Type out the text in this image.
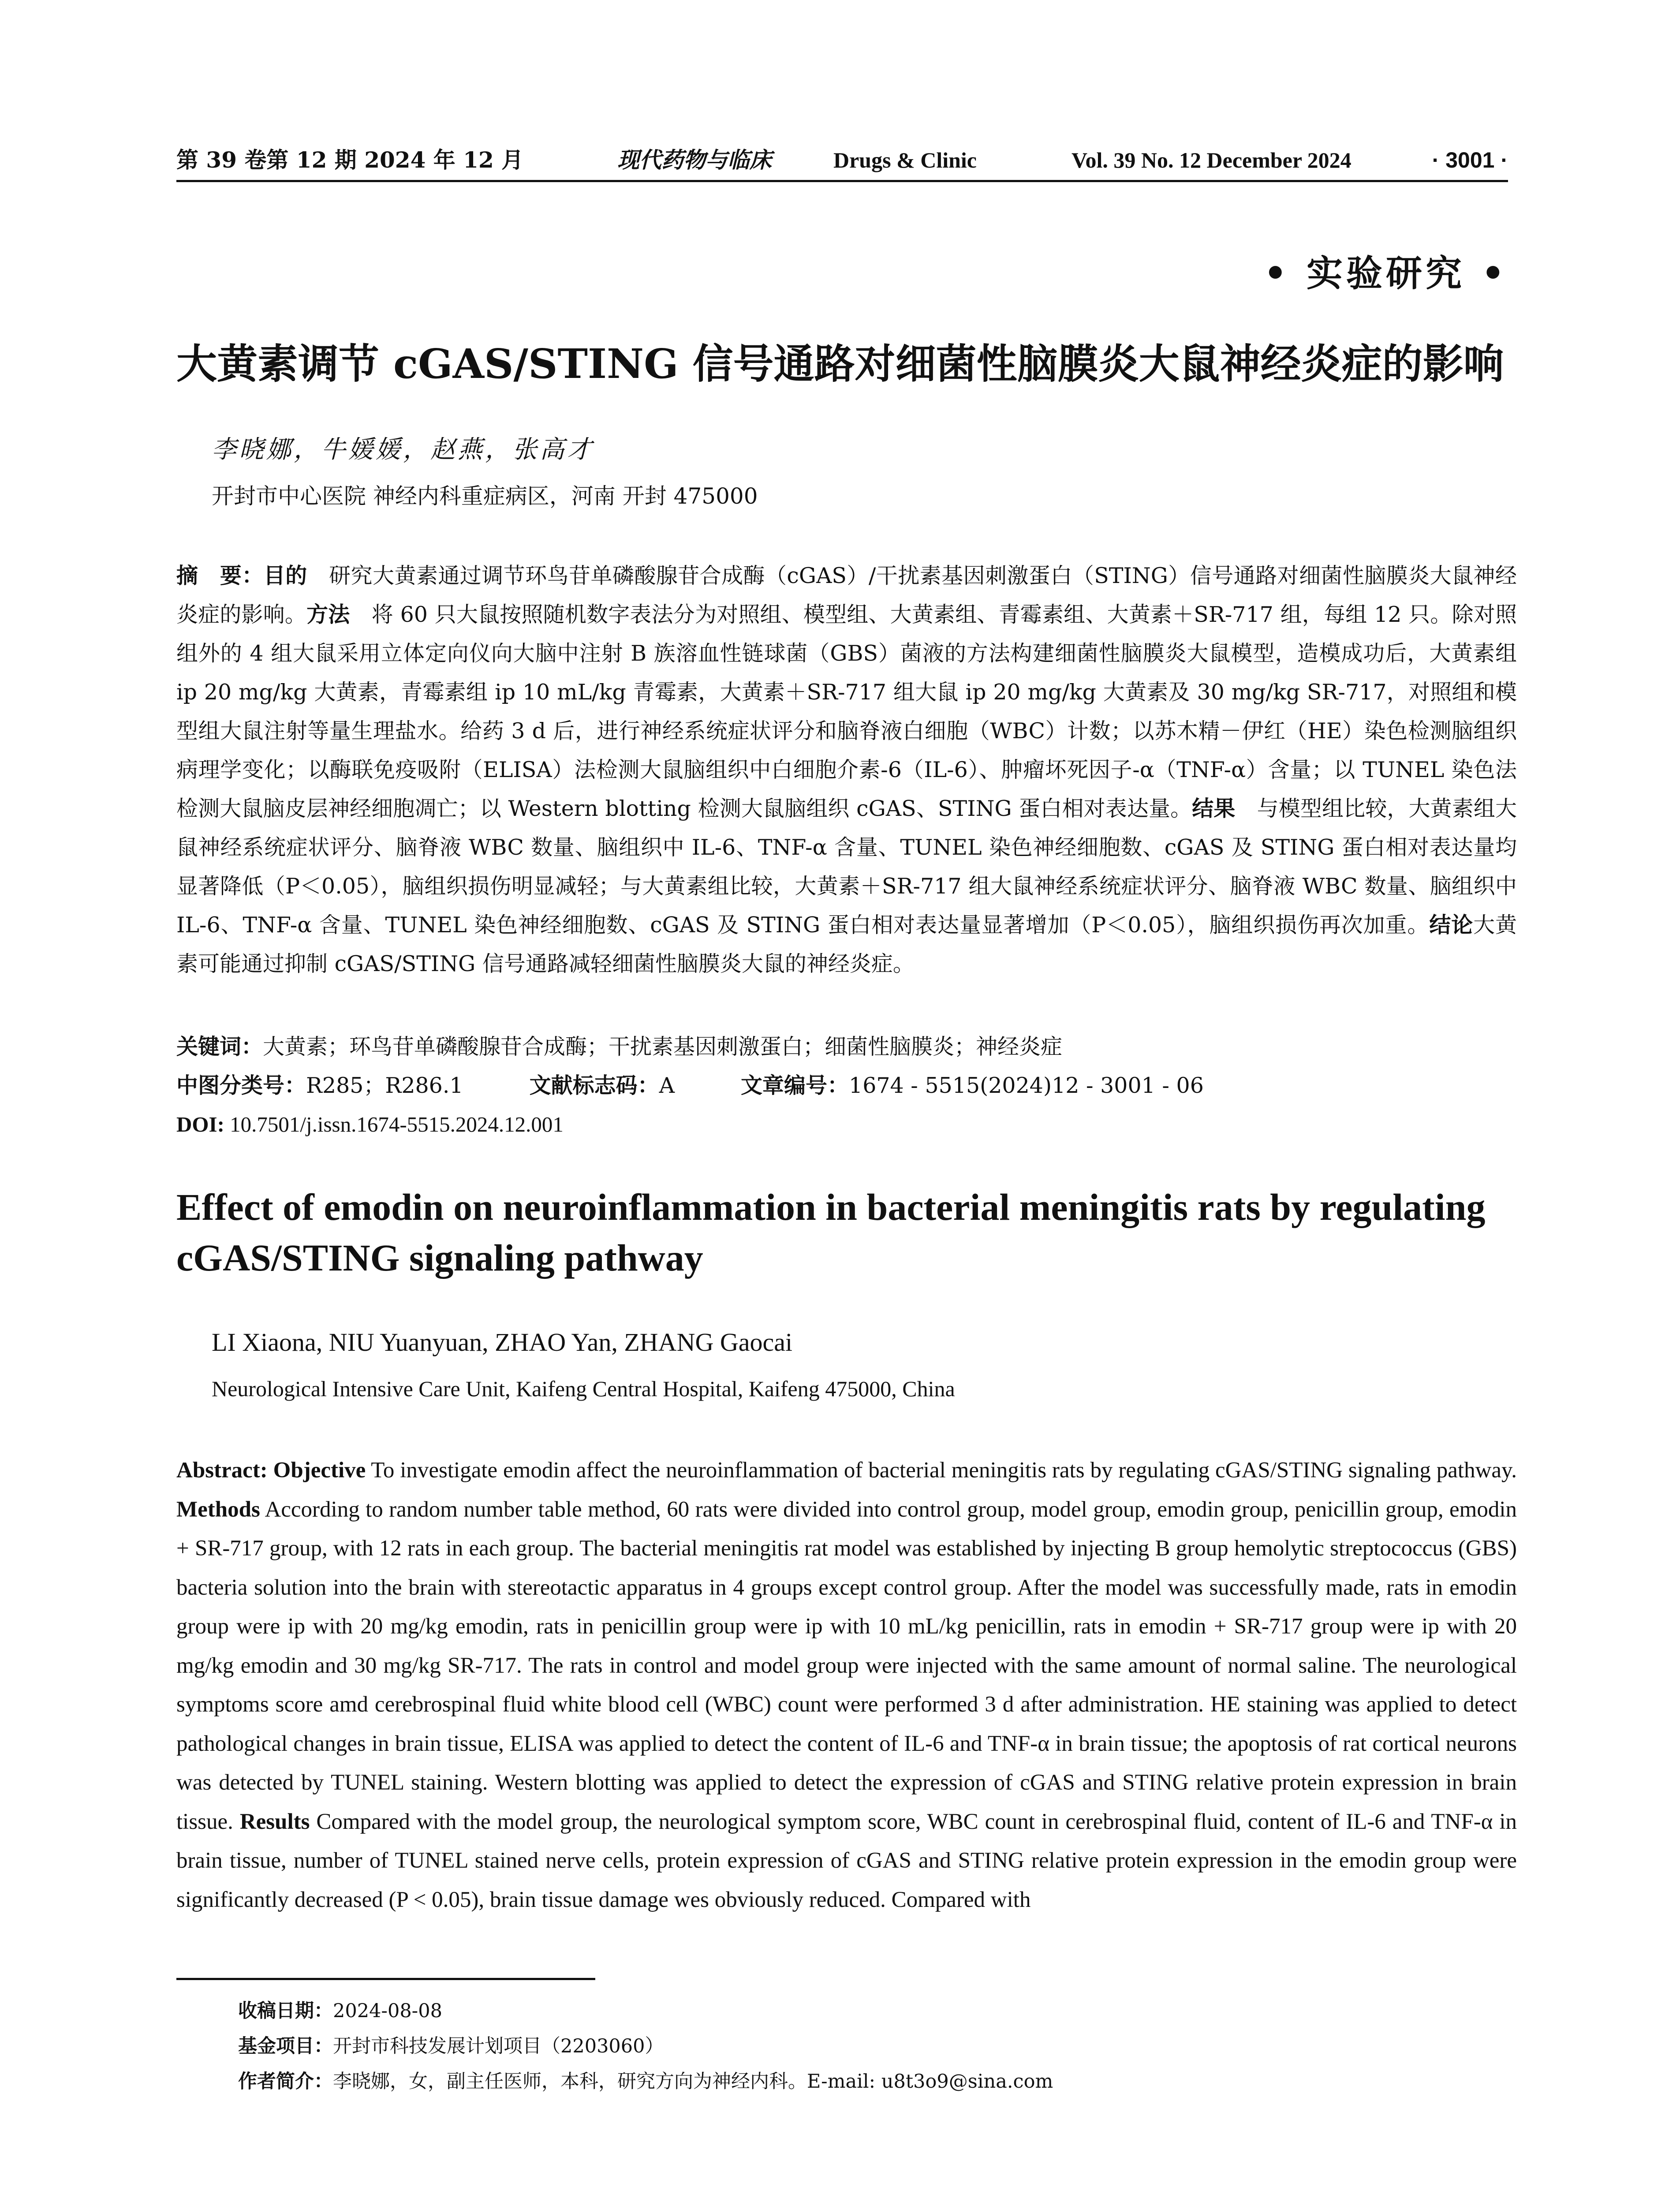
第 39 卷第 12 期 2024 年 12 月	现代药物与临床	Drugs & Clinic	Vol. 39 No. 12 December 2024	· 3001 ·
• 实验研究 •
大黄素调节 cGAS/STING 信号通路对细菌性脑膜炎大鼠神经炎症的影响
李晓娜，牛媛媛，赵燕，张高才
开封市中心医院 神经内科重症病区，河南 开封 475000
摘　要：目的　研究大黄素通过调节环鸟苷单磷酸腺苷合成酶（cGAS）/干扰素基因刺激蛋白（STING）信号通路对细菌性脑膜炎大鼠神经炎症的影响。方法　将 60 只大鼠按照随机数字表法分为对照组、模型组、大黄素组、青霉素组、大黄素＋SR-717 组，每组 12 只。除对照组外的 4 组大鼠采用立体定向仪向大脑中注射 B 族溶血性链球菌（GBS）菌液的方法构建细菌性脑膜炎大鼠模型，造模成功后，大黄素组 ip 20 mg/kg 大黄素，青霉素组 ip 10 mL/kg 青霉素，大黄素＋SR-717 组大鼠 ip 20 mg/kg 大黄素及 30 mg/kg SR-717，对照组和模型组大鼠注射等量生理盐水。给药 3 d 后，进行神经系统症状评分和脑脊液白细胞（WBC）计数；以苏木精－伊红（HE）染色检测脑组织病理学变化；以酶联免疫吸附（ELISA）法检测大鼠脑组织中白细胞介素-6（IL-6）、肿瘤坏死因子-α（TNF-α）含量；以 TUNEL 染色法检测大鼠脑皮层神经细胞凋亡；以 Western blotting 检测大鼠脑组织 cGAS、STING 蛋白相对表达量。结果　与模型组比较，大黄素组大鼠神经系统症状评分、脑脊液 WBC 数量、脑组织中 IL-6、TNF-α 含量、TUNEL 染色神经细胞数、cGAS 及 STING 蛋白相对表达量均显著降低（P＜0.05），脑组织损伤明显减轻；与大黄素组比较，大黄素＋SR-717 组大鼠神经系统症状评分、脑脊液 WBC 数量、脑组织中 IL-6、TNF-α 含量、TUNEL 染色神经细胞数、cGAS 及 STING 蛋白相对表达量显著增加（P＜0.05），脑组织损伤再次加重。结论大黄素可能通过抑制 cGAS/STING 信号通路减轻细菌性脑膜炎大鼠的神经炎症。
关键词：大黄素；环鸟苷单磷酸腺苷合成酶；干扰素基因刺激蛋白；细菌性脑膜炎；神经炎症
中图分类号：R285；R286.1	文献标志码：A	文章编号：1674 - 5515(2024)12 - 3001 - 06
DOI: 10.7501/j.issn.1674-5515.2024.12.001
Effect of emodin on neuroinflammation in bacterial meningitis rats by regulating cGAS/STING signaling pathway
LI Xiaona, NIU Yuanyuan, ZHAO Yan, ZHANG Gaocai
Neurological Intensive Care Unit, Kaifeng Central Hospital, Kaifeng 475000, China
Abstract: Objective To investigate emodin affect the neuroinflammation of bacterial meningitis rats by regulating cGAS/STING signaling pathway. Methods According to random number table method, 60 rats were divided into control group, model group, emodin group, penicillin group, emodin + SR-717 group, with 12 rats in each group. The bacterial meningitis rat model was established by injecting B group hemolytic streptococcus (GBS) bacteria solution into the brain with stereotactic apparatus in 4 groups except control group. After the model was successfully made, rats in emodin group were ip with 20 mg/kg emodin, rats in penicillin group were ip with 10 mL/kg penicillin, rats in emodin + SR-717 group were ip with 20 mg/kg emodin and 30 mg/kg SR-717. The rats in control and model group were injected with the same amount of normal saline. The neurological symptoms score amd cerebrospinal fluid white blood cell (WBC) count were performed 3 d after administration. HE staining was applied to detect pathological changes in brain tissue, ELISA was applied to detect the content of IL-6 and TNF-α in brain tissue; the apoptosis of rat cortical neurons was detected by TUNEL staining. Western blotting was applied to detect the expression of cGAS and STING relative protein expression in brain tissue. Results Compared with the model group, the neurological symptom score, WBC count in cerebrospinal fluid, content of IL-6 and TNF-α in brain tissue, number of TUNEL stained nerve cells, protein expression of cGAS and STING relative protein expression in the emodin group were significantly decreased (P < 0.05), brain tissue damage wes obviously reduced. Compared with
收稿日期：2024-08-08
基金项目：开封市科技发展计划项目（2203060）
作者简介：李晓娜，女，副主任医师，本科，研究方向为神经内科。E-mail: u8t3o9@sina.com
